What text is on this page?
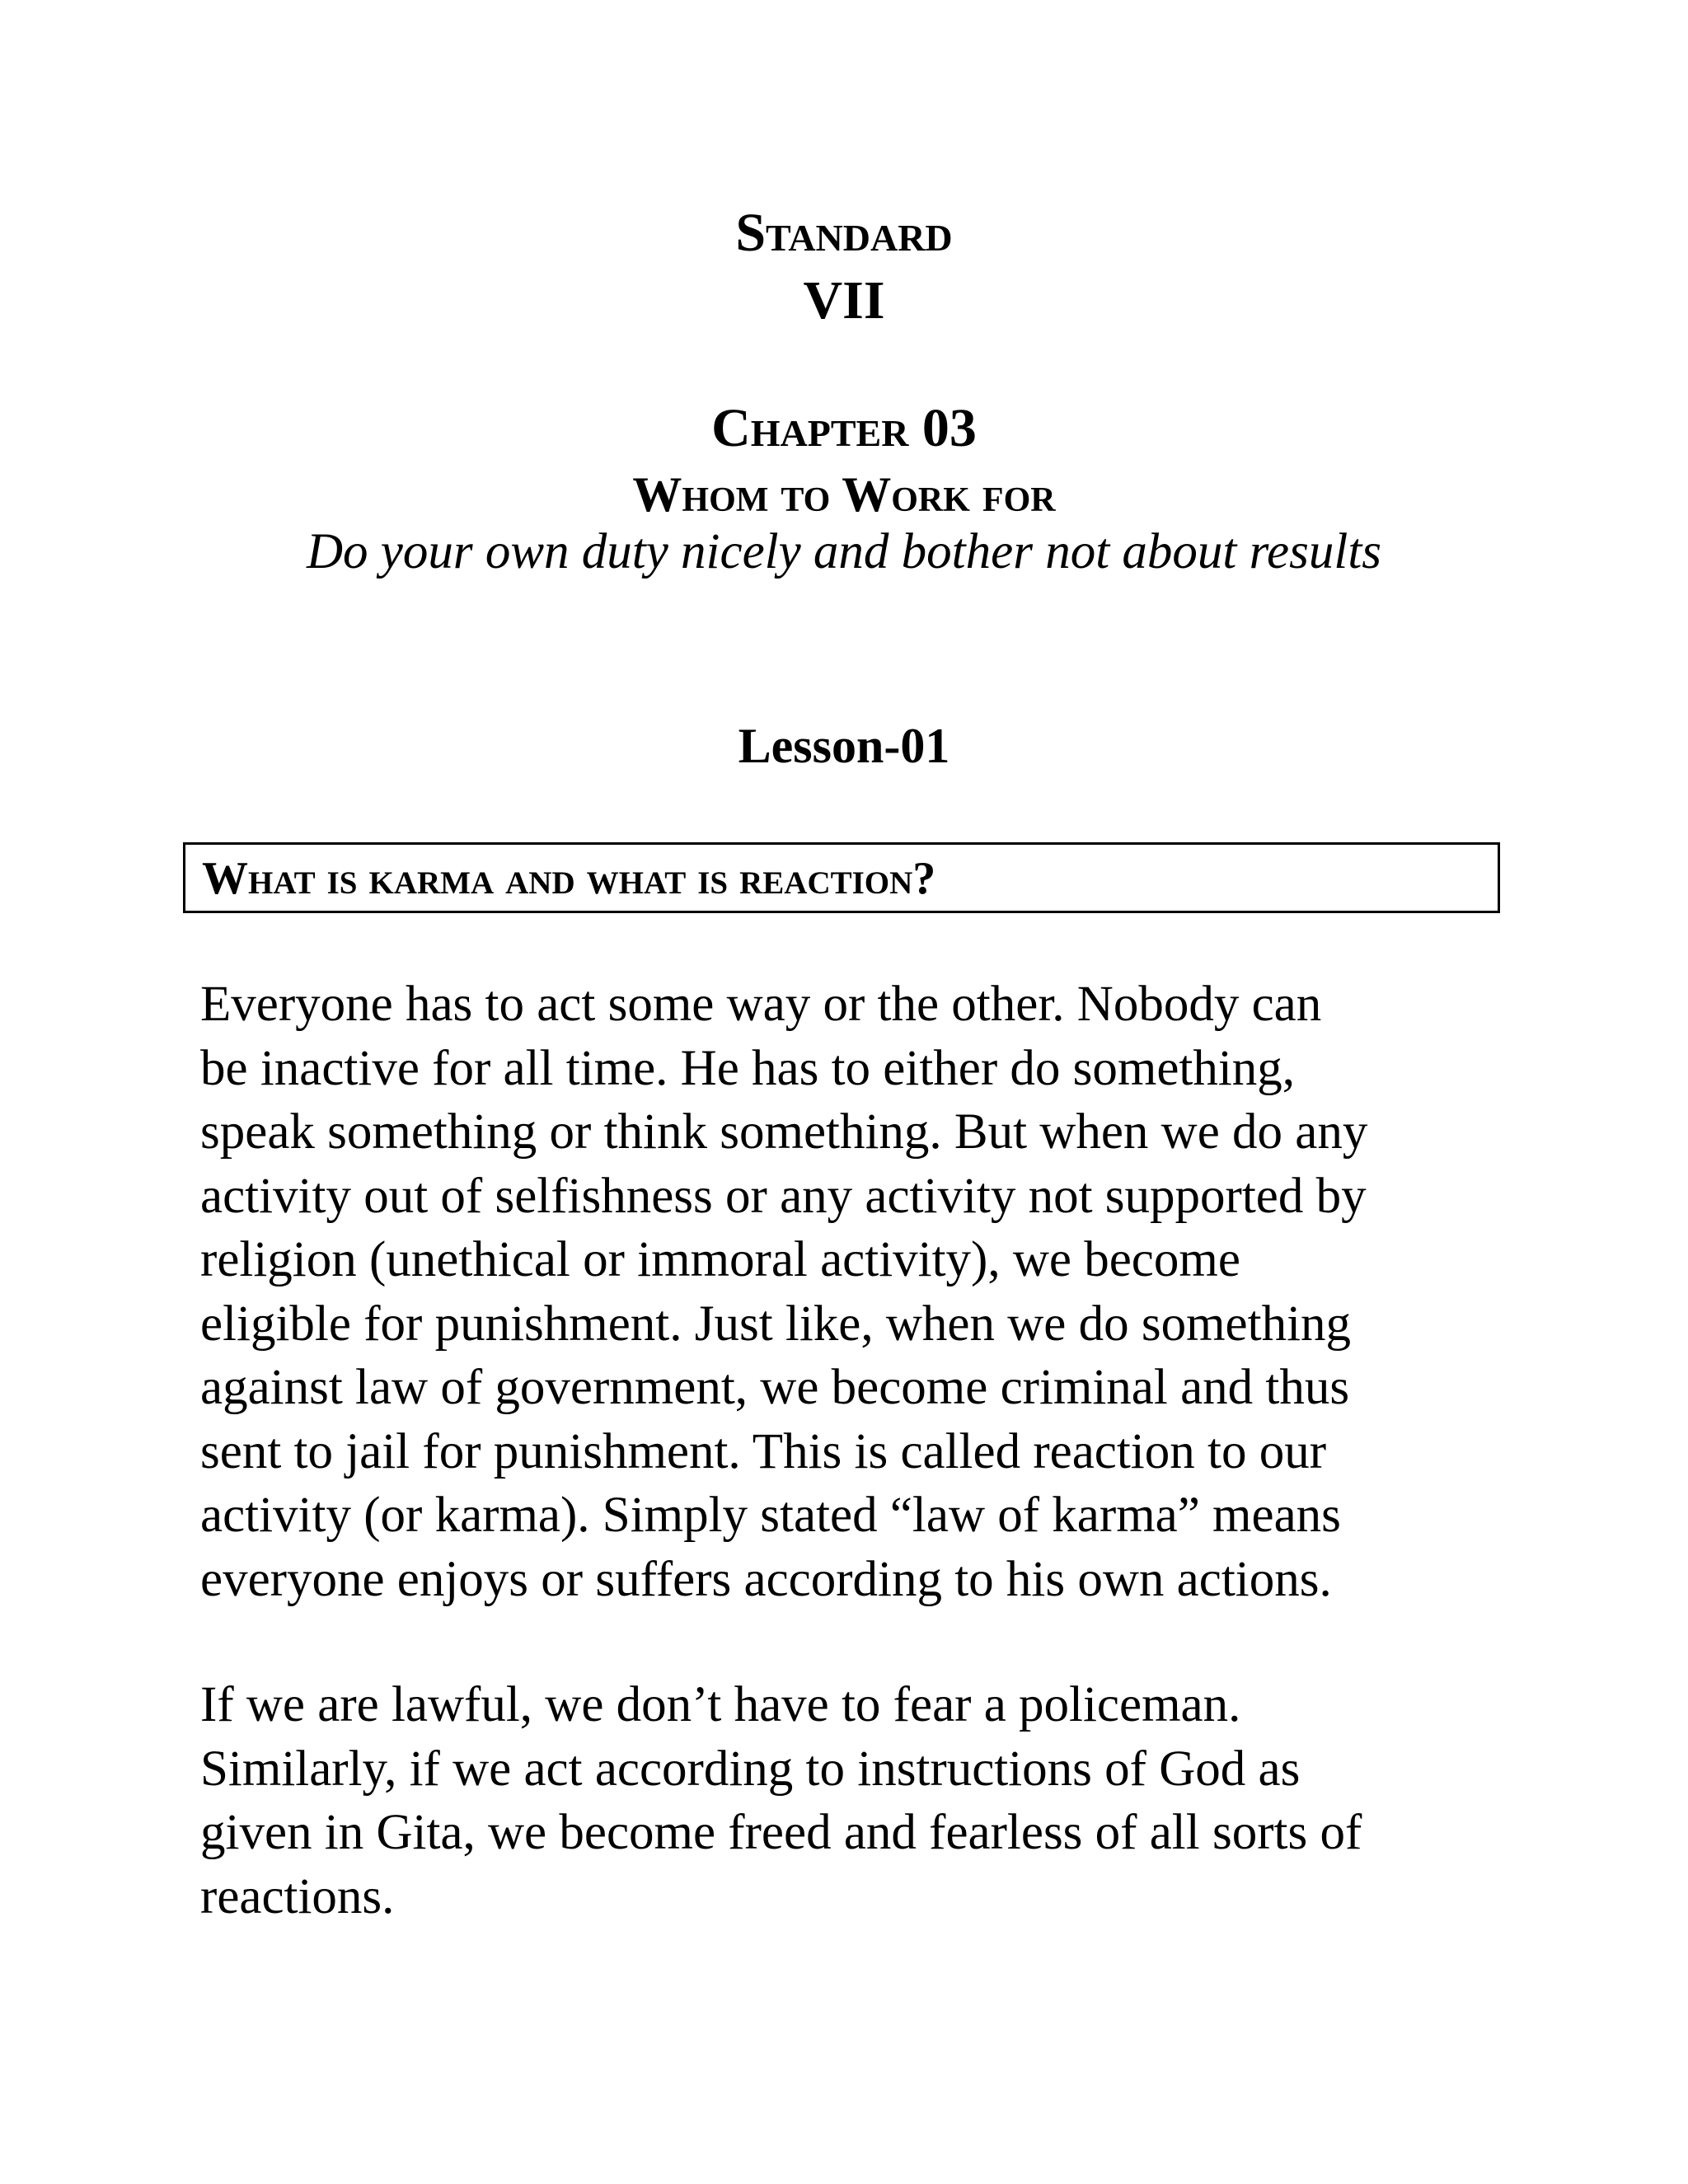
Standard
VII
Chapter 03
Whom to Work for
Do your own duty nicely and bother not about results
Lesson-01
What is karma and what is reaction?
Everyone has to act some way or the other. Nobody can
be inactive for all time. He has to either do something,
speak something or think something. But when we do any
activity out of selfishness or any activity not supported by
religion (unethical or immoral activity), we become
eligible for punishment. Just like, when we do something
against law of government, we become criminal and thus
sent to jail for punishment. This is called reaction to our
activity (or karma). Simply stated “law of karma” means
everyone enjoys or suffers according to his own actions.
If we are lawful, we don’t have to fear a policeman.
Similarly, if we act according to instructions of God as
given in Gita, we become freed and fearless of all sorts of
reactions.
